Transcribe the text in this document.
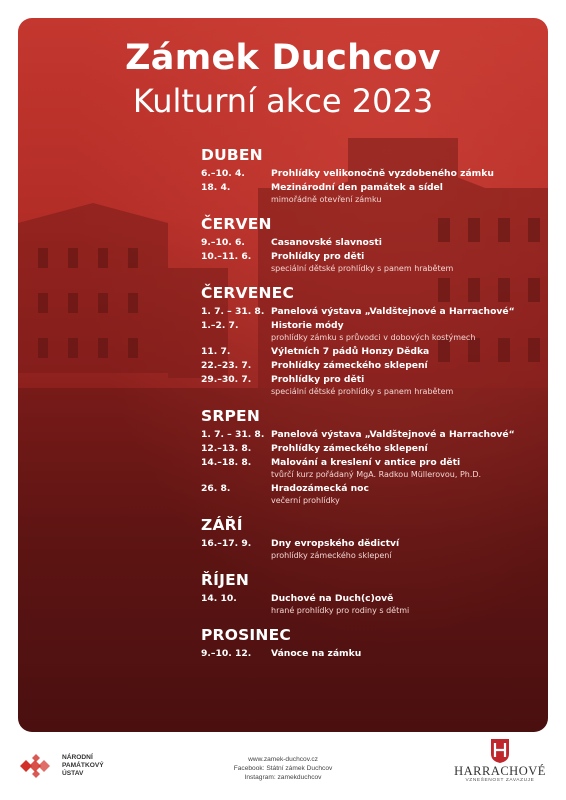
Zámek Duchcov
Kulturní akce 2023
DUBEN
6.–10. 4.	Prohlídky velikonočně vyzdobeného zámku
18. 4.	Mezinárodní den památek a sídel
mimořádně otevření zámku
ČERVEN
9.–10. 6.	Casanovské slavnosti
10.–11. 6.	Prohlídky pro děti
speciální dětské prohlídky s panem hrabětem
ČERVENEC
1. 7. – 31. 8. Panelová výstava „Valdštejnové a Harrachové“
1.–2. 7.	Historie módy
prohlídky zámku s průvodci v dobových kostýmech
11. 7.	Výletních 7 pádů Honzy Dědka
22.–23. 7.	Prohlídky zámeckého sklepení
29.–30. 7.	Prohlídky pro děti
speciální dětské prohlídky s panem hrabětem
SRPEN
1. 7. – 31. 8. Panelová výstava „Valdštejnové a Harrachové“
12.–13. 8.	Prohlídky zámeckého sklepení
14.–18. 8.	Malování a kreslení v antice pro děti
tvůrčí kurz pořádaný MgA. Radkou Müllerovou, Ph.D.
26. 8.	Hradozámecká noc
večerní prohlídky
ZÁŘÍ
16.–17. 9.	Dny evropského dědictví
prohlídky zámeckého sklepení
ŘÍJEN
14. 10.	Duchové na Duch(c)ově
hrané prohlídky pro rodiny s dětmi
PROSINEC
9.–10. 12.	Vánoce na zámku
NÁRODNÍ
PAMÁTKOVÝ
ÚSTAV
www.zamek-duchcov.cz
Facebook: Státní zámek Duchcov
Instagram: zamekduchcov	HARRACHOVÉ
VZNEŠENOST ZAVAZUJE
